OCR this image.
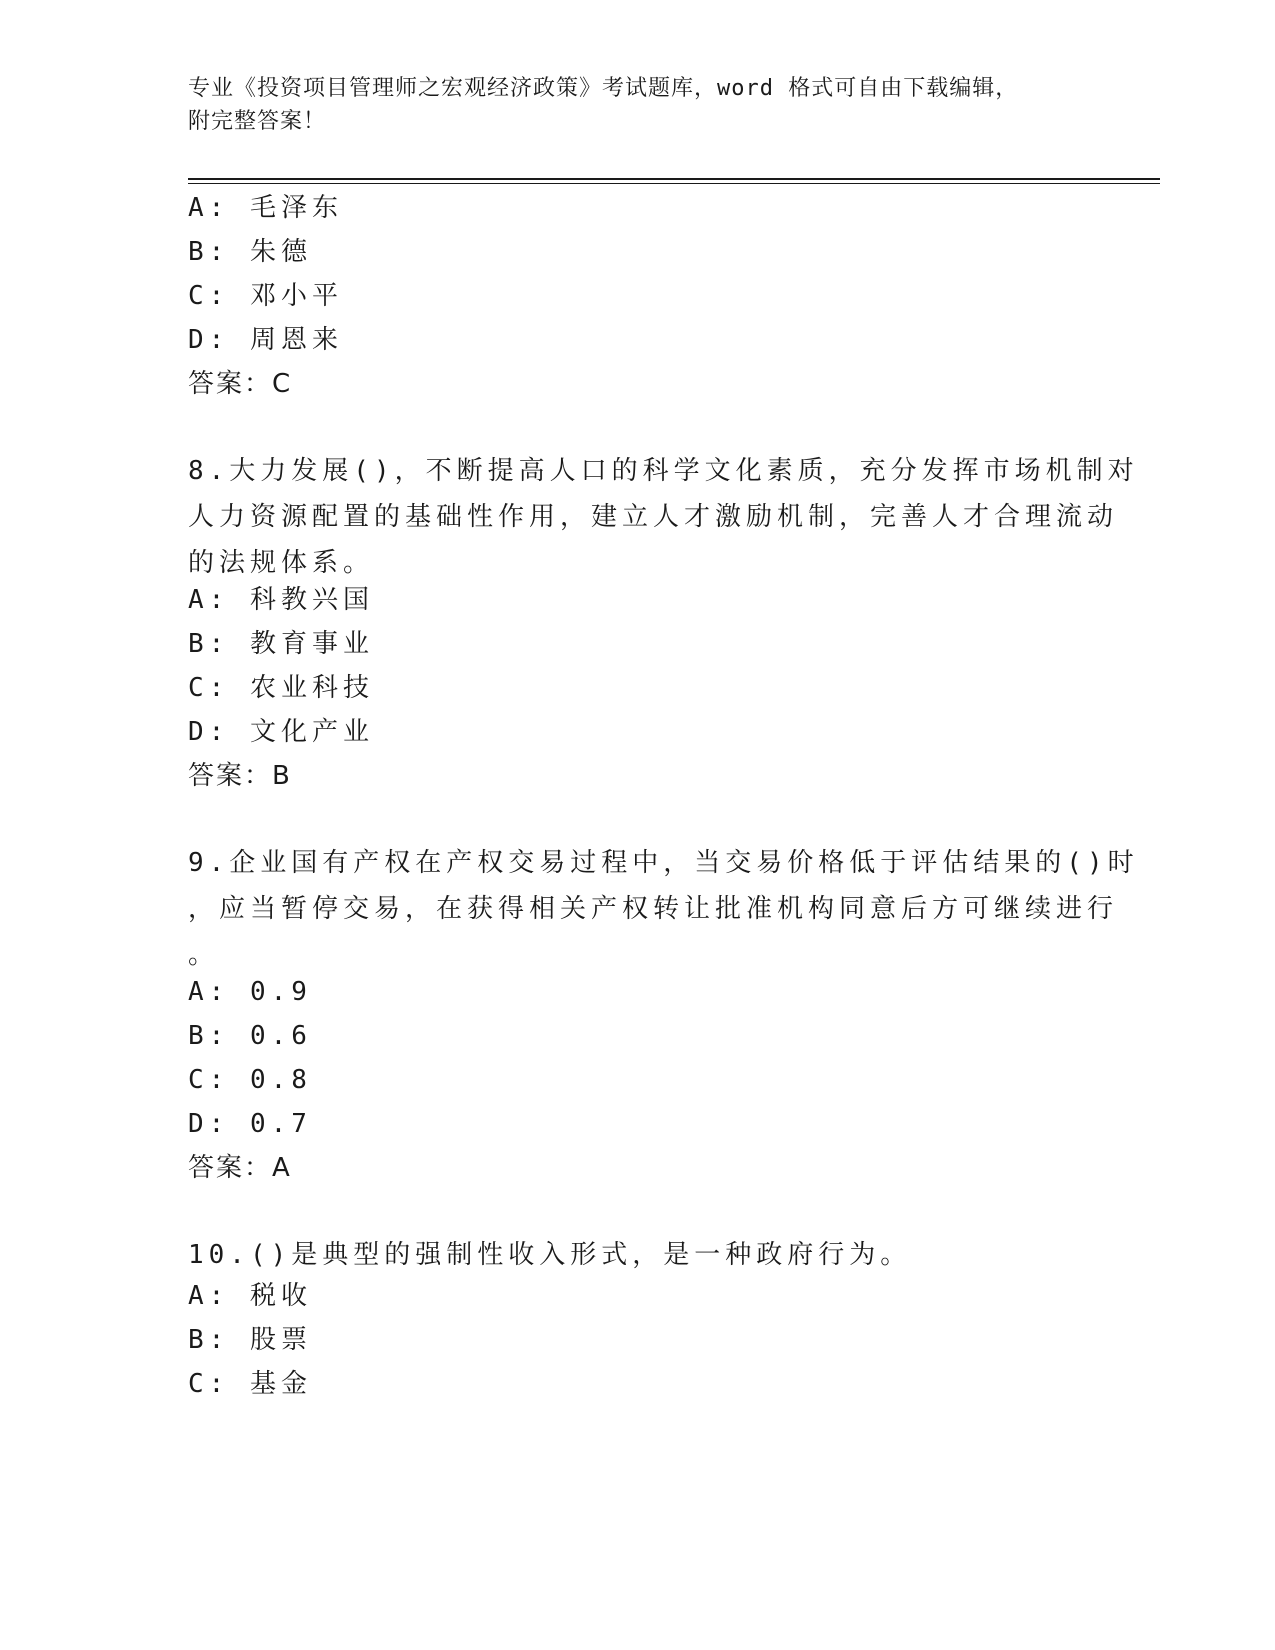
专业《投资项目管理师之宏观经济政策》考试题库，word 格式可自由下载编辑，
附完整答案！
A: 毛泽东
B: 朱德
C: 邓小平
D: 周恩来
答案：C
8.大力发展()，不断提高人口的科学文化素质，充分发挥市场机制对
人力资源配置的基础性作用，建立人才激励机制，完善人才合理流动
的法规体系。
A: 科教兴国
B: 教育事业
C: 农业科技
D: 文化产业
答案：B
9.企业国有产权在产权交易过程中，当交易价格低于评估结果的()时
，应当暂停交易，在获得相关产权转让批准机构同意后方可继续进行
。
A: 0.9
B: 0.6
C: 0.8
D: 0.7
答案：A
10.()是典型的强制性收入形式，是一种政府行为。
A: 税收
B: 股票
C: 基金
